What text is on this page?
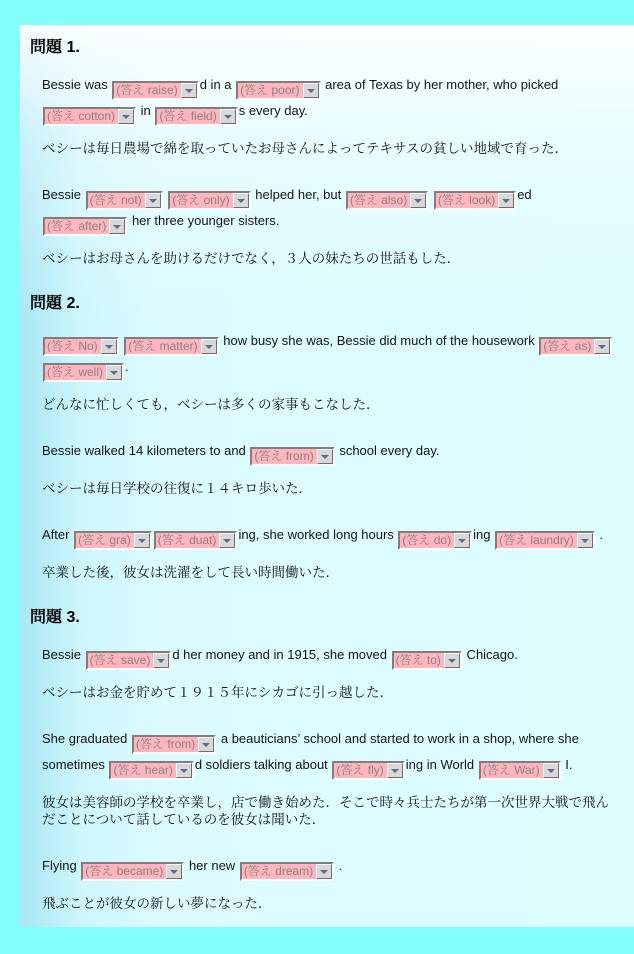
問題 1.
Bessie was (答え raise) d in a (答え poor) area of Texas by her mother, who picked
(答え cotton) in (答え field) s every day.
ベシーは毎日農場で綿を取っていたお母さんによってテキサスの貧しい地域で育った．
Bessie (答え not)
	(答え only) helped her, but (答え also)
	(答え look) ed
(答え after) her three younger sisters.
ベシーはお母さんを助けるだけでなく，３人の妹たちの世話もした．
問題 2.
(答え No)
	(答え matter) how busy she was, Bessie did much of the housework (答え as)

(答え well) .
どんなに忙しくても，ベシーは多くの家事もこなした．
Bessie walked 14 kilometers to and (答え from) school every day.
ベシーは毎日学校の往復に１４キロ歩いた．
After (答え gra) (答え duat) ing, she worked long hours (答え do) ing (答え laundry) .
卒業した後，彼女は洗濯をして長い時間働いた．
問題 3.
Bessie (答え save) d her money and in 1915, she moved (答え to) Chicago.
ベシーはお金を貯めて１９１５年にシカゴに引っ越した．
She graduated (答え from) a beauticians’ school and started to work in a shop, where she sometimes (答え hear) d soldiers talking about (答え fly) ing in World (答え War) I.
彼女は美容師の学校を卒業し，店で働き始めた．そこで時々兵士たちが第一次世界大戦で飛んだことについて話しているのを彼女は聞いた．
Flying (答え became) her new (答え dream) .
飛ぶことが彼女の新しい夢になった．
